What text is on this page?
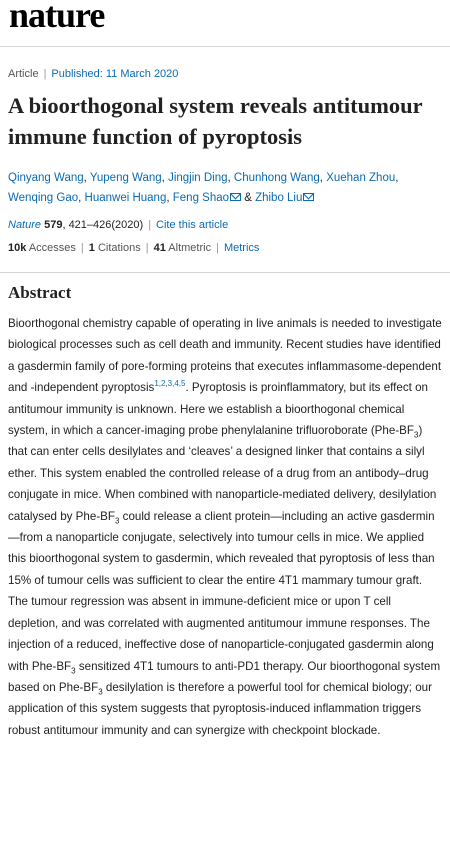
nature
Article | Published: 11 March 2020
A bioorthogonal system reveals antitumour immune function of pyroptosis
Qinyang Wang, Yupeng Wang, Jingjin Ding, Chunhong Wang, Xuehan Zhou,
Wenqing Gao, Huanwei Huang, Feng Shao & Zhibo Liu
Nature 579, 421–426(2020) | Cite this article
10k Accesses | 1 Citations | 41 Altmetric | Metrics
Abstract

Bioorthogonal chemistry capable of operating in live animals is needed to investigate biological processes such as cell death and immunity. Recent studies have identified a gasdermin family of pore-forming proteins that executes inflammasome-dependent and -independent pyroptosis$^{1,2,3,4,5}$. Pyroptosis is proinflammatory, but its effect on antitumour immunity is unknown. Here we establish a bioorthogonal chemical system, in which a cancer-imaging probe phenylalanine trifluoroborate $(Phe-BF_3)$ that can enter cells desilylates and ‘cleaves’ a designed linker that contains a silyl ether. This system enabled the controlled release of a drug from an antibody–drug conjugate in mice. When combined with nanoparticle-mediated delivery, desilylation catalysed by Phe-$BF_3$ could release a client protein—including an active gasdermin—from a nanoparticle conjugate, selectively into tumour cells in mice. We applied this bioorthogonal system to gasdermin, which revealed that pyroptosis of less than 15% of tumour cells was sufficient to clear the entire 4T1 mammary tumour graft. The tumour regression was absent in immune-deficient mice or upon T cell depletion, and was correlated with augmented antitumour immune responses. The injection of a reduced, ineffective dose of nanoparticle-conjugated gasdermin along with Phe-$BF_3$ sensitized 4T1 tumours to anti-PD1 therapy. Our bioorthogonal system based on Phe-$BF_3$ desilylation is therefore a powerful tool for chemical biology; our application of this system suggests that pyroptosis-induced inflammation triggers robust antitumour immunity and can synergize with checkpoint blockade.
